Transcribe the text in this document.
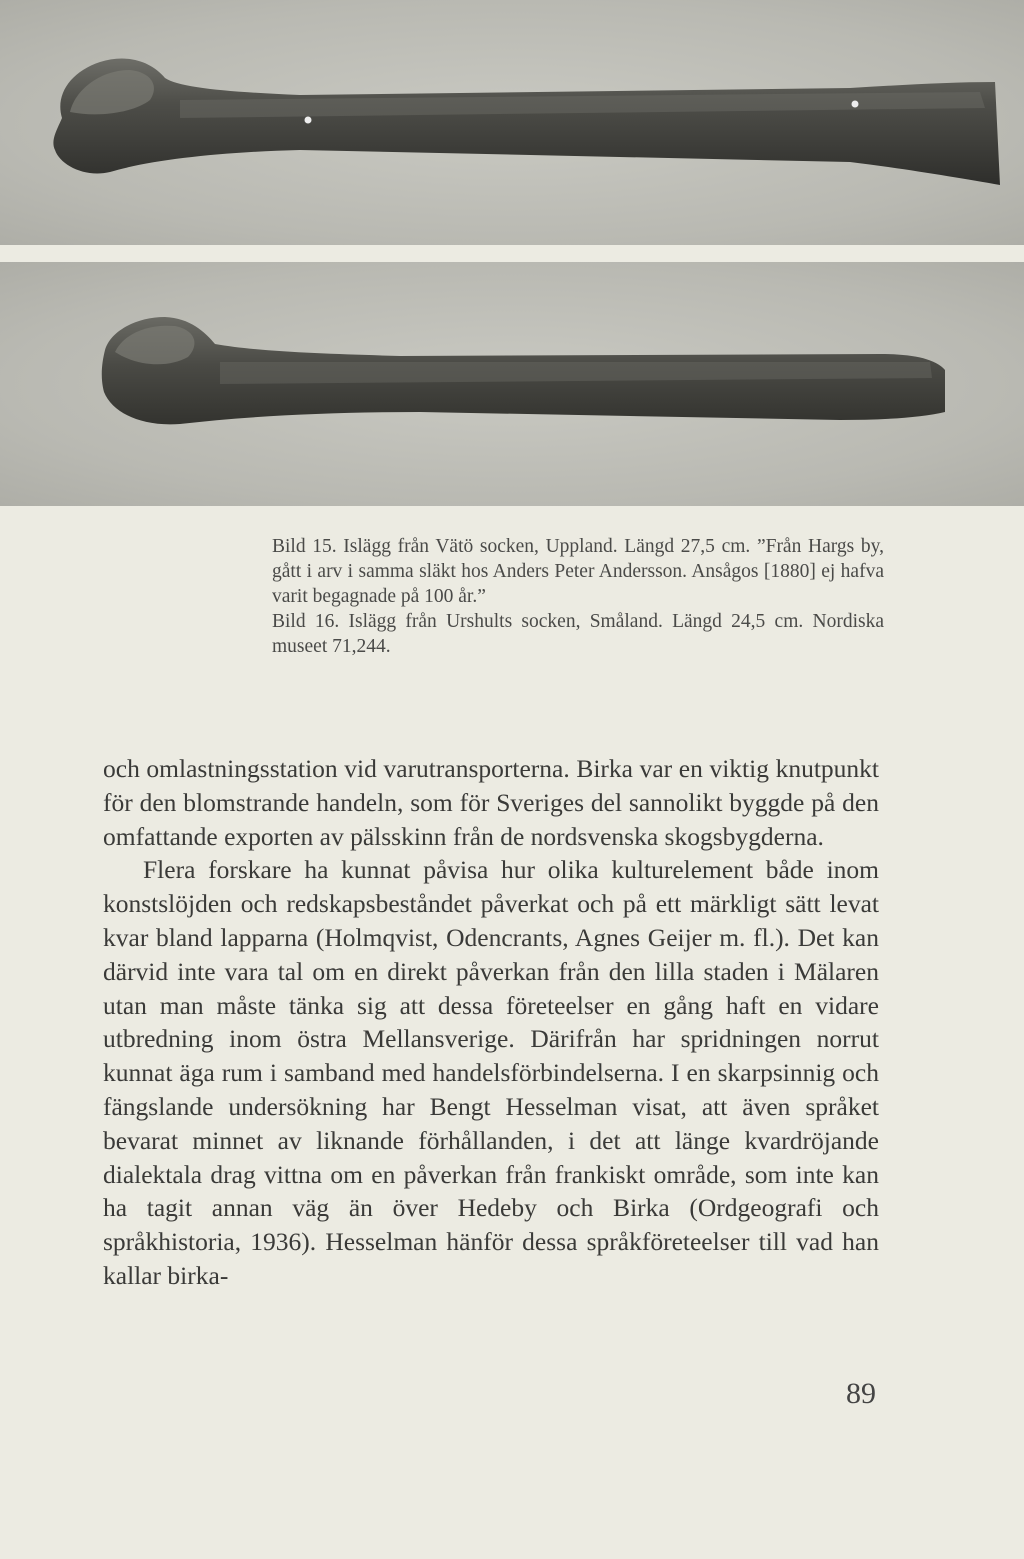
Bild 15. Islägg från Vätö socken, Uppland. Längd 27,5 cm. ”Från Hargs by, gått i arv i samma släkt hos Anders Peter Andersson. Ansågos [1880] ej hafva varit begagnade på 100 år.”

Bild 16. Islägg från Urshults socken, Småland. Längd 24,5 cm. Nordiska museet 71,244.

och omlastningsstation vid varutransporterna. Birka var en viktig knutpunkt för den blomstrande handeln, som för Sveriges del sannolikt byggde på den omfattande exporten av pälsskinn från de nordsvenska skogsbygderna.

Flera forskare ha kunnat påvisa hur olika kulturelement både inom konstslöjden och redskapsbeståndet påverkat och på ett märkligt sätt levat kvar bland lapparna (Holmqvist, Odencrants, Agnes Geijer m. fl.). Det kan därvid inte vara tal om en direkt påverkan från den lilla staden i Mälaren utan man måste tänka sig att dessa företeelser en gång haft en vidare utbredning inom östra Mellansverige. Därifrån har spridningen norrut kunnat äga rum i samband med handelsförbindelserna. I en skarpsinnig och fängslande undersökning har Bengt Hesselman visat, att även språket bevarat minnet av liknande förhållanden, i det att länge kvardröjande dialektala drag vittna om en påverkan från frankiskt område, som inte kan ha tagit annan väg än över Hedeby och Birka (Ordgeografi och språkhistoria, 1936). Hesselman hänför dessa språkföreteelser till vad han kallar birka-

89
